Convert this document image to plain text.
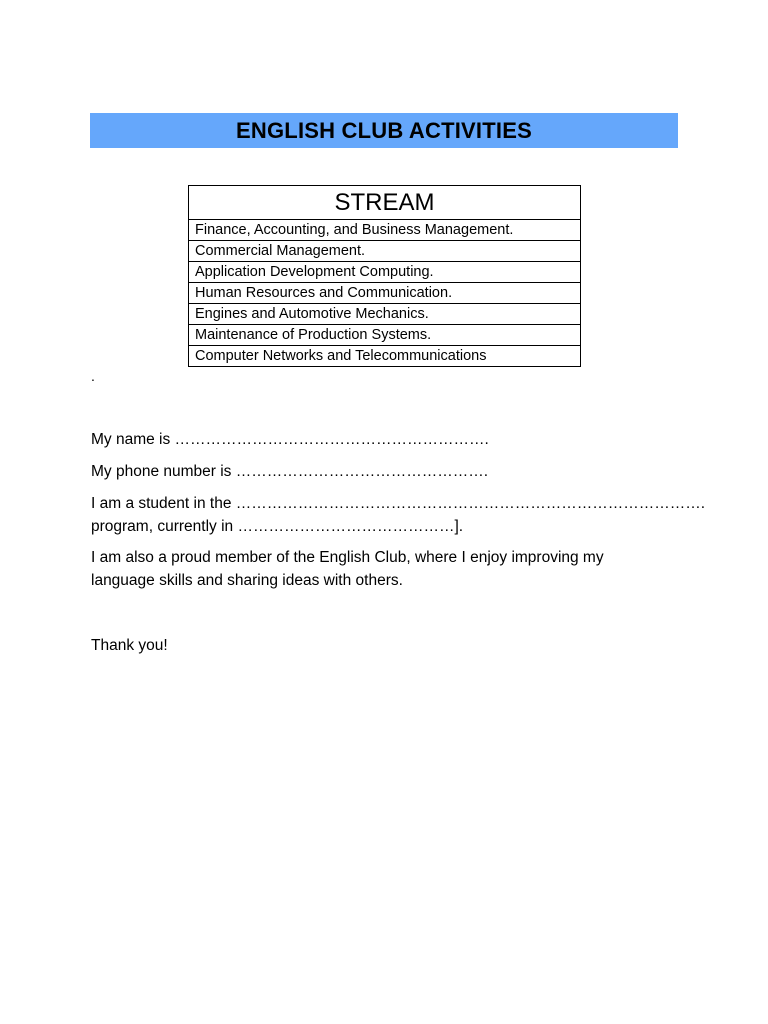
ENGLISH CLUB ACTIVITIES
STREAM
Finance, Accounting, and Business Management.
Commercial Management.
Application Development Computing.
Human Resources and Communication.
Engines and Automotive Mechanics.
Maintenance of Production Systems.
Computer Networks and Telecommunications
.

My name is …………………………………………………….

My phone number is ………………………………………….

I am a student in the ……………………………………………………………………………….

program, currently in ……………………………………].

I am also a proud member of the English Club, where I enjoy improving my

language skills and sharing ideas with others.

Thank you!
